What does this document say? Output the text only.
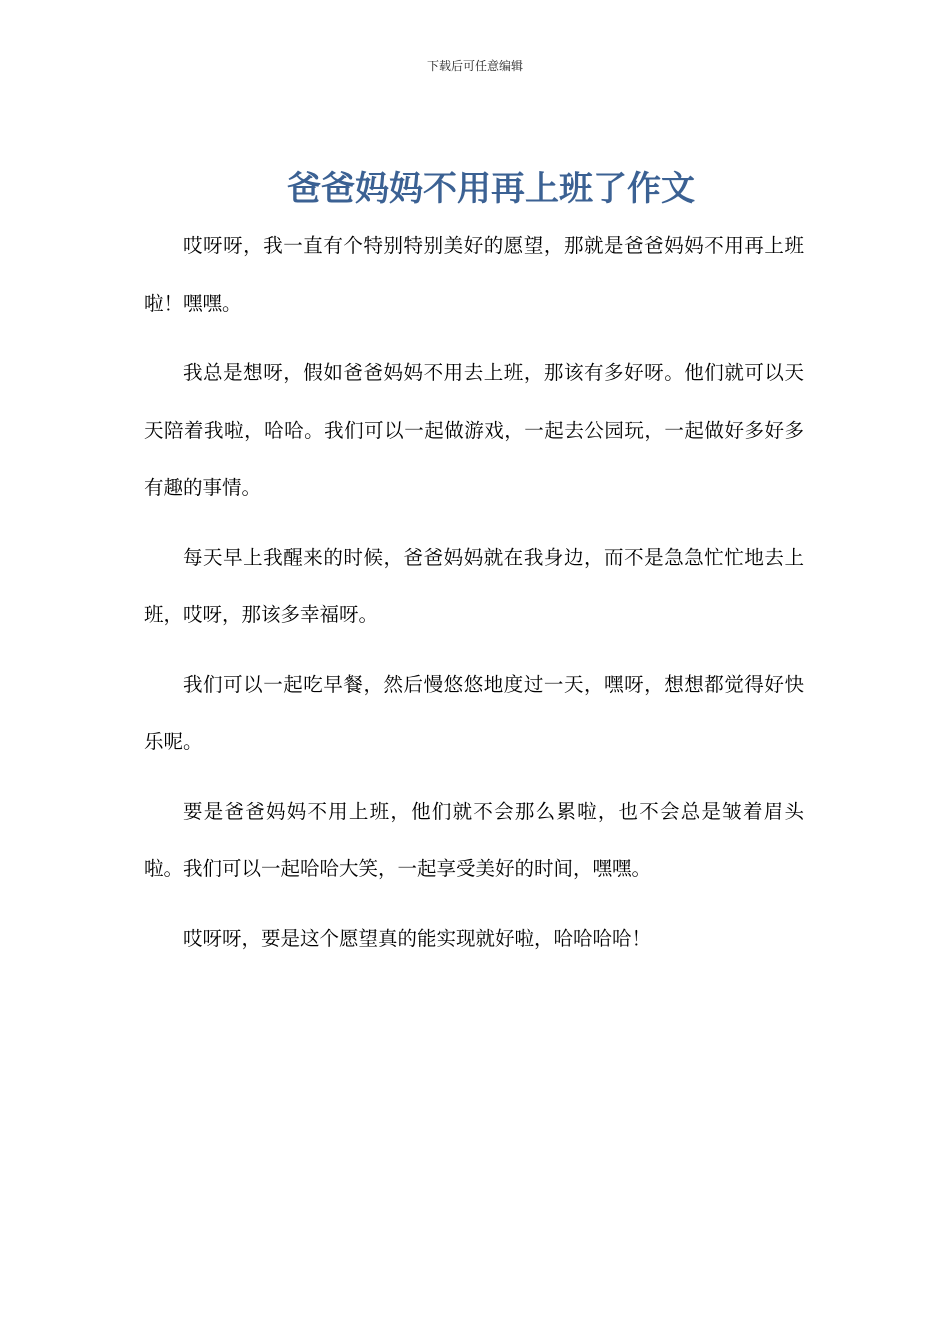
下载后可任意编辑
爸爸妈妈不用再上班了作文

哎呀呀，我一直有个特别特别美好的愿望，那就是爸爸妈妈不用再上班啦！嘿嘿。

我总是想呀，假如爸爸妈妈不用去上班，那该有多好呀。他们就可以天天陪着我啦，哈哈。我们可以一起做游戏，一起去公园玩，一起做好多好多有趣的事情。

每天早上我醒来的时候，爸爸妈妈就在我身边，而不是急急忙忙地去上班，哎呀，那该多幸福呀。

我们可以一起吃早餐，然后慢悠悠地度过一天，嘿呀，想想都觉得好快乐呢。

要是爸爸妈妈不用上班，他们就不会那么累啦，也不会总是皱着眉头啦。我们可以一起哈哈大笑，一起享受美好的时间，嘿嘿。

哎呀呀，要是这个愿望真的能实现就好啦，哈哈哈哈！
